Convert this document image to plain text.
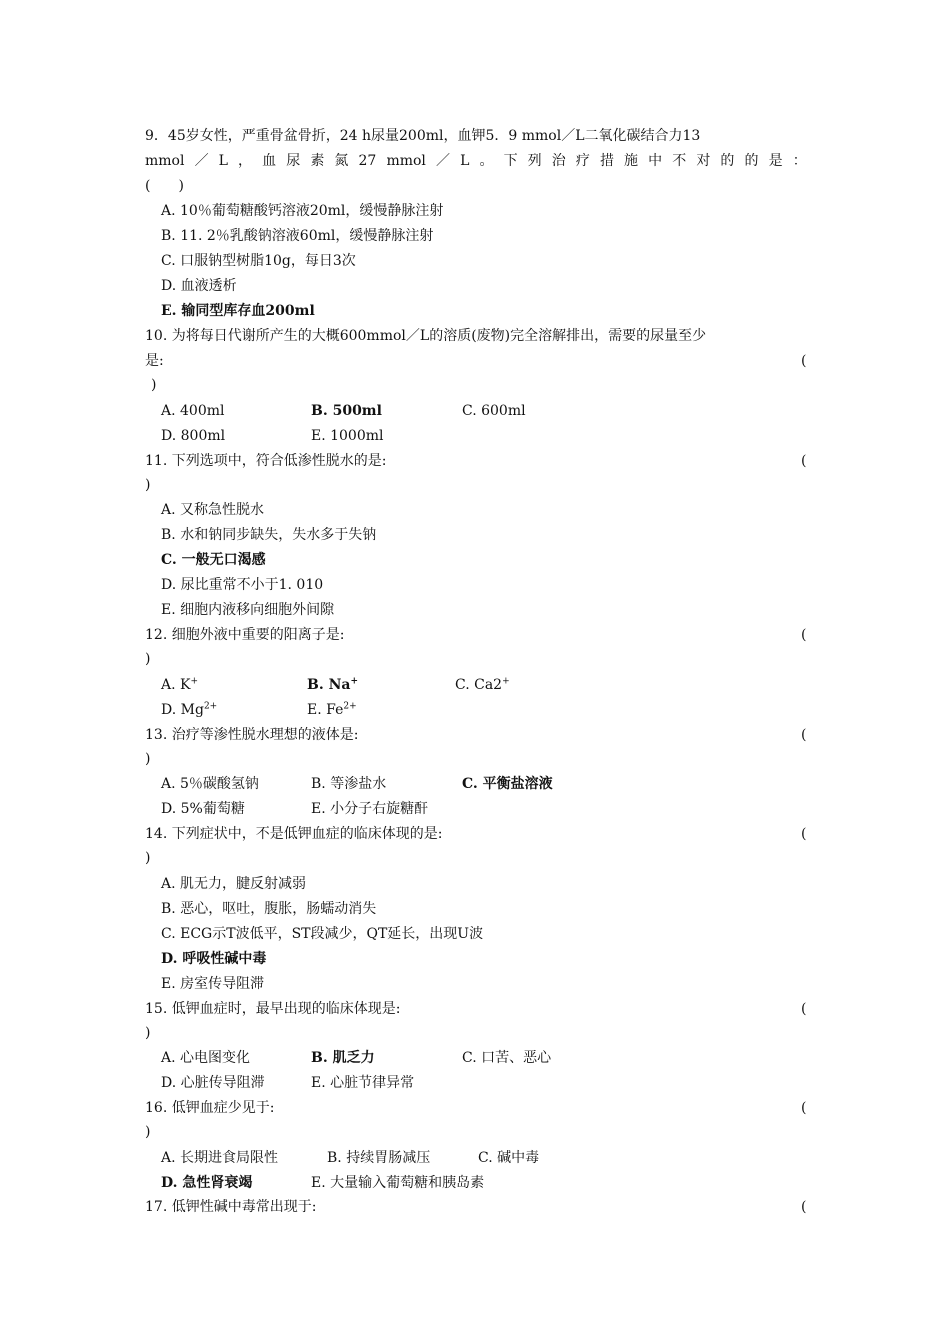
9．45岁女性，严重骨盆骨折，24 h尿量200ml，血钾5．9 mmol／L二氧化碳结合力13
mmol ／ L ， 血 尿 素 氮 27 mmol ／ L 。 下 列 治 疗 措 施 中 不 对 的 的 是 ：
(　　)
A. 10％葡萄糖酸钙溶液20ml，缓慢静脉注射
B. 11. 2％乳酸钠溶液60ml，缓慢静脉注射
C. 口服钠型树脂10g，每日3次
D. 血液透析
E. 输同型库存血200ml
10. 为将每日代谢所产生的大概600mmol／L的溶质(废物)完全溶解排出，需要的尿量至少
是:	(
)
A. 400ml	B. 500ml	C. 600ml
D. 800ml	E. 1000ml
11. 下列选项中，符合低渗性脱水的是:	(
)
A. 又称急性脱水
B. 水和钠同步缺失，失水多于失钠
C. 一般无口渴感
D. 尿比重常不小于1. 010
E. 细胞内液移向细胞外间隙
12. 细胞外液中重要的阳离子是:	(
)
A. K+	B. Na+	C. Ca2+
D. $Mg^{2+}$	E. $Fe^{2+}$
13. 治疗等渗性脱水理想的液体是:	(
)
A. 5％碳酸氢钠	B. 等渗盐水	C. 平衡盐溶液
D. 5%葡萄糖	E. 小分子右旋糖酐
14. 下列症状中，不是低钾血症的临床体现的是:	(
)
A. 肌无力，腱反射减弱
B. 恶心，呕吐，腹胀，肠蠕动消失
C. ECG示T波低平，ST段减少，QT延长，出现U波
D. 呼吸性碱中毒
E. 房室传导阻滞
15. 低钾血症时，最早出现的临床体现是:	(
)
A. 心电图变化	B. 肌乏力	C. 口苦、恶心
D. 心脏传导阻滞	E. 心脏节律异常
16. 低钾血症少见于:	(
)
A. 长期进食局限性	B. 持续胃肠减压	C. 碱中毒
D. 急性肾衰竭	E. 大量输入葡萄糖和胰岛素
17. 低钾性碱中毒常出现于:	(
